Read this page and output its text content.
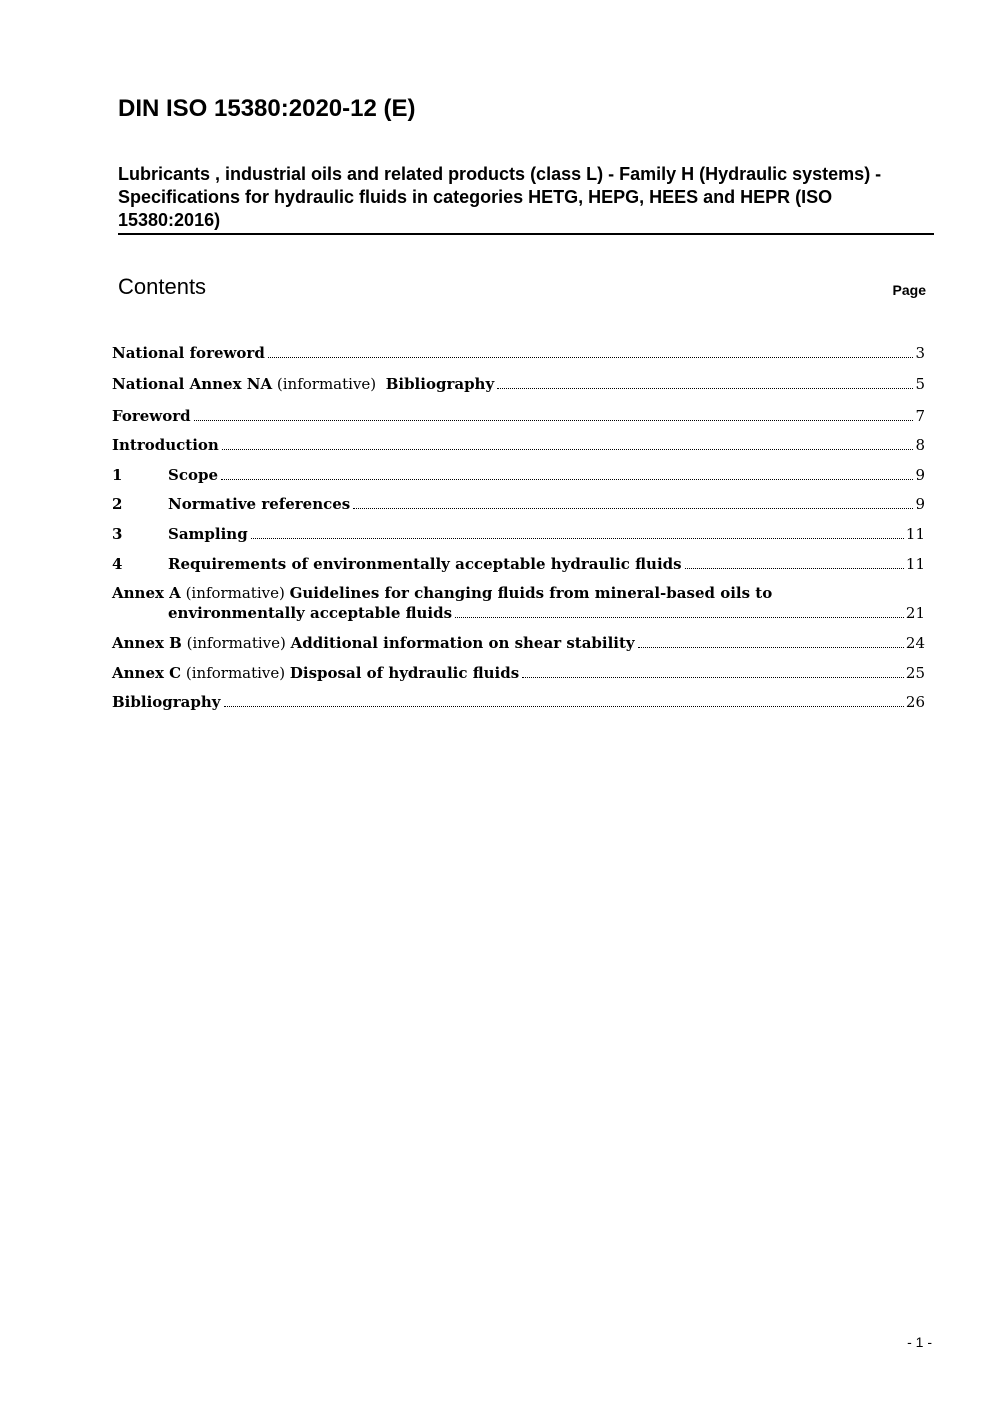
DIN ISO 15380:2020-12 (E)
Lubricants , industrial oils and related products (class L) - Family H (Hydraulic systems) - Specifications for hydraulic fluids in categories HETG, HEPG, HEES and HEPR (ISO 15380:2016)
Contents	Page
National foreword	3
National Annex NA (informative)  Bibliography	5
Foreword	7
Introduction	8
1	Scope	9
2	Normative references	9
3	Sampling	11
4	Requirements of environmentally acceptable hydraulic fluids	11
Annex A (informative) Guidelines for changing fluids from mineral-based oils to
environmentally acceptable fluids	21
Annex B (informative) Additional information on shear stability	24
Annex C (informative) Disposal of hydraulic fluids	25
Bibliography	26
- 1 -
